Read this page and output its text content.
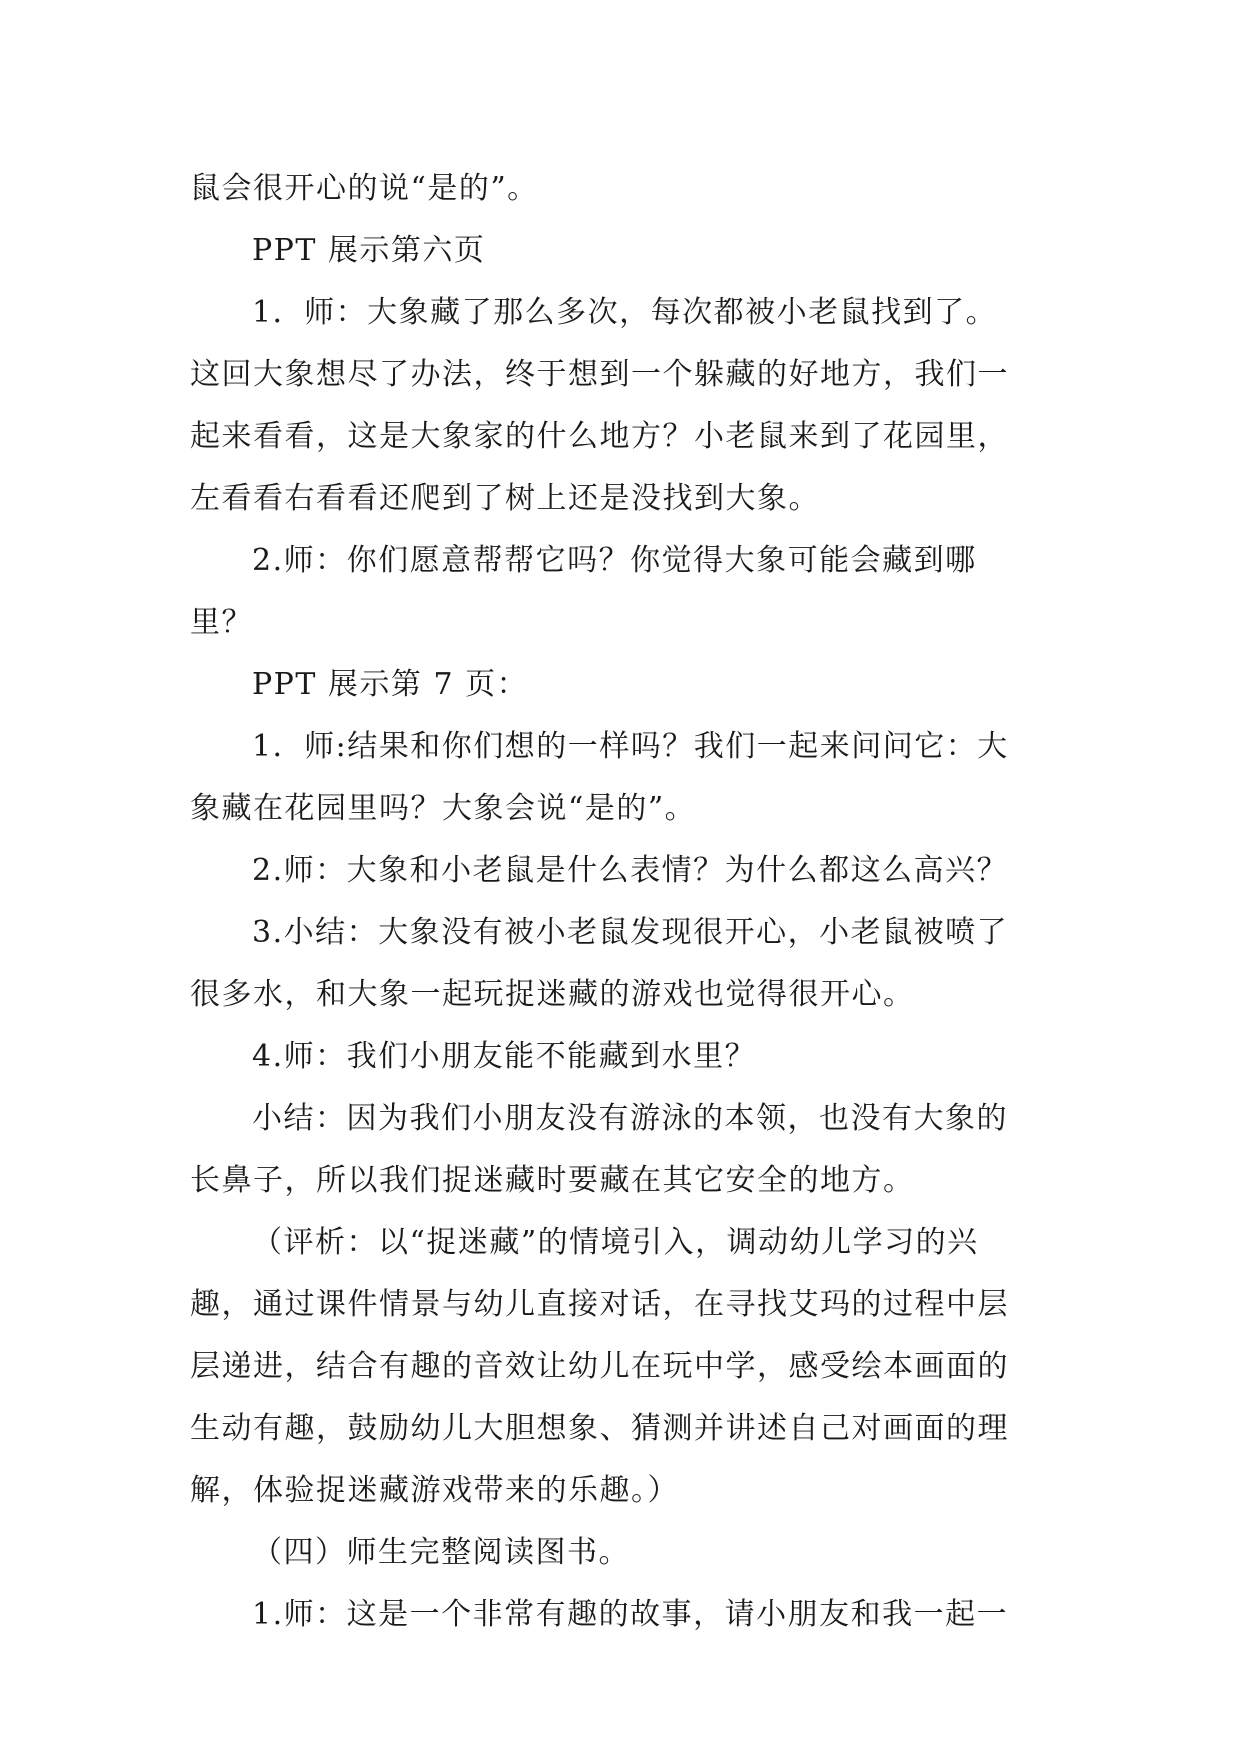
鼠会很开心的说“是的”。

PPT 展示第六页

1．师：大象藏了那么多次，每次都被小老鼠找到了。

这回大象想尽了办法，终于想到一个躲藏的好地方，我们一

起来看看，这是大象家的什么地方？小老鼠来到了花园里，

左看看右看看还爬到了树上还是没找到大象。

2.师：你们愿意帮帮它吗？你觉得大象可能会藏到哪

里？

PPT 展示第 7 页：

1．师:结果和你们想的一样吗？我们一起来问问它：大

象藏在花园里吗？大象会说“是的”。

2.师：大象和小老鼠是什么表情？为什么都这么高兴？

3.小结：大象没有被小老鼠发现很开心，小老鼠被喷了

很多水，和大象一起玩捉迷藏的游戏也觉得很开心。

4.师：我们小朋友能不能藏到水里？

小结：因为我们小朋友没有游泳的本领，也没有大象的

长鼻子，所以我们捉迷藏时要藏在其它安全的地方。

（评析：以“捉迷藏”的情境引入，调动幼儿学习的兴

趣，通过课件情景与幼儿直接对话，在寻找艾玛的过程中层

层递进，结合有趣的音效让幼儿在玩中学，感受绘本画面的

生动有趣，鼓励幼儿大胆想象、猜测并讲述自己对画面的理

解，体验捉迷藏游戏带来的乐趣。）

（四）师生完整阅读图书。

1.师：这是一个非常有趣的故事，请小朋友和我一起一
